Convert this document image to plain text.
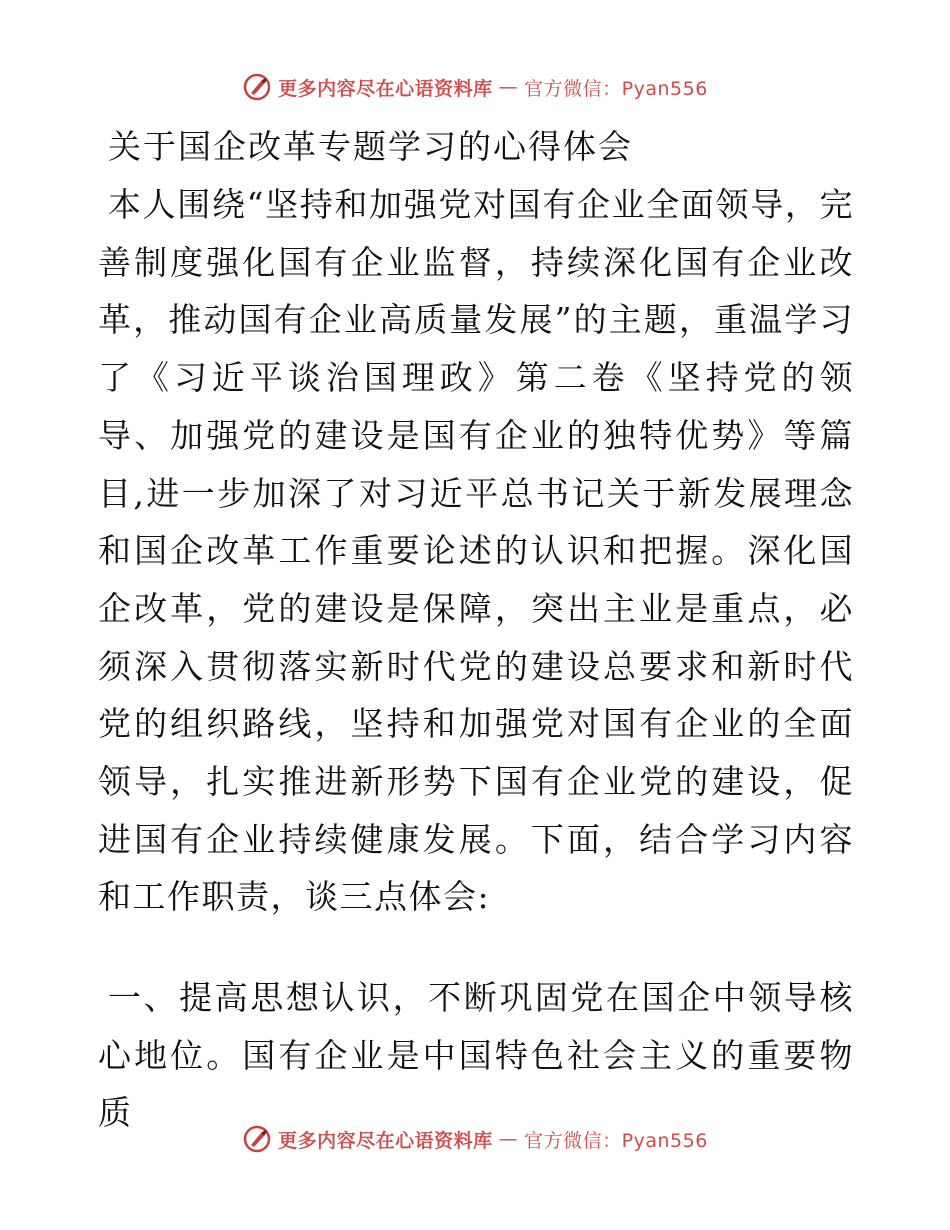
更多内容尽在心语资料库 — 官方微信：Pyan556
关于国企改革专题学习的心得体会
本人围绕“坚持和加强党对国有企业全面领导，完善制度强化国有企业监督，持续深化国有企业改革，推动国有企业高质量发展”的主题，重温学习了《习近平谈治国理政》第二卷《坚持党的领导、加强党的建设是国有企业的独特优势》等篇目,进一步加深了对习近平总书记关于新发展理念和国企改革工作重要论述的认识和把握。深化国企改革，党的建设是保障，突出主业是重点，必须深入贯彻落实新时代党的建设总要求和新时代党的组织路线，坚持和加强党对国有企业的全面领导，扎实推进新形势下国有企业党的建设，促进国有企业持续健康发展。下面，结合学习内容和工作职责，谈三点体会:
一、提高思想认识，不断巩固党在国企中领导核心地位。国有企业是中国特色社会主义的重要物质
更多内容尽在心语资料库 — 官方微信：Pyan556
